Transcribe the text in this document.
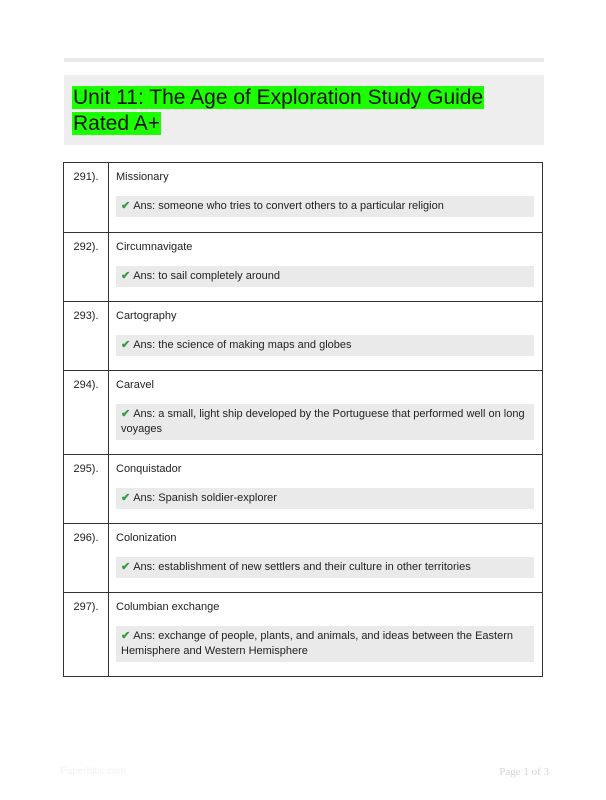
Unit 11: The Age of Exploration Study Guide Rated A+
291).	Missionary
✔ Ans: someone who tries to convert others to a particular religion

292).	Circumnavigate
✔ Ans: to sail completely around

293).	Cartography
✔ Ans: the science of making maps and globes

294).	Caravel
✔ Ans: a small, light ship developed by the Portuguese that performed well on long voyages

295).	Conquistador
✔ Ans: Spanish soldier-explorer

296).	Colonization
✔ Ans: establishment of new settlers and their culture in other territories

297).	Columbian exchange
✔ Ans: exchange of people, plants, and animals, and ideas between the Eastern Hemisphere and Western Hemisphere
Paperbltic.com	Page 1 of 3
